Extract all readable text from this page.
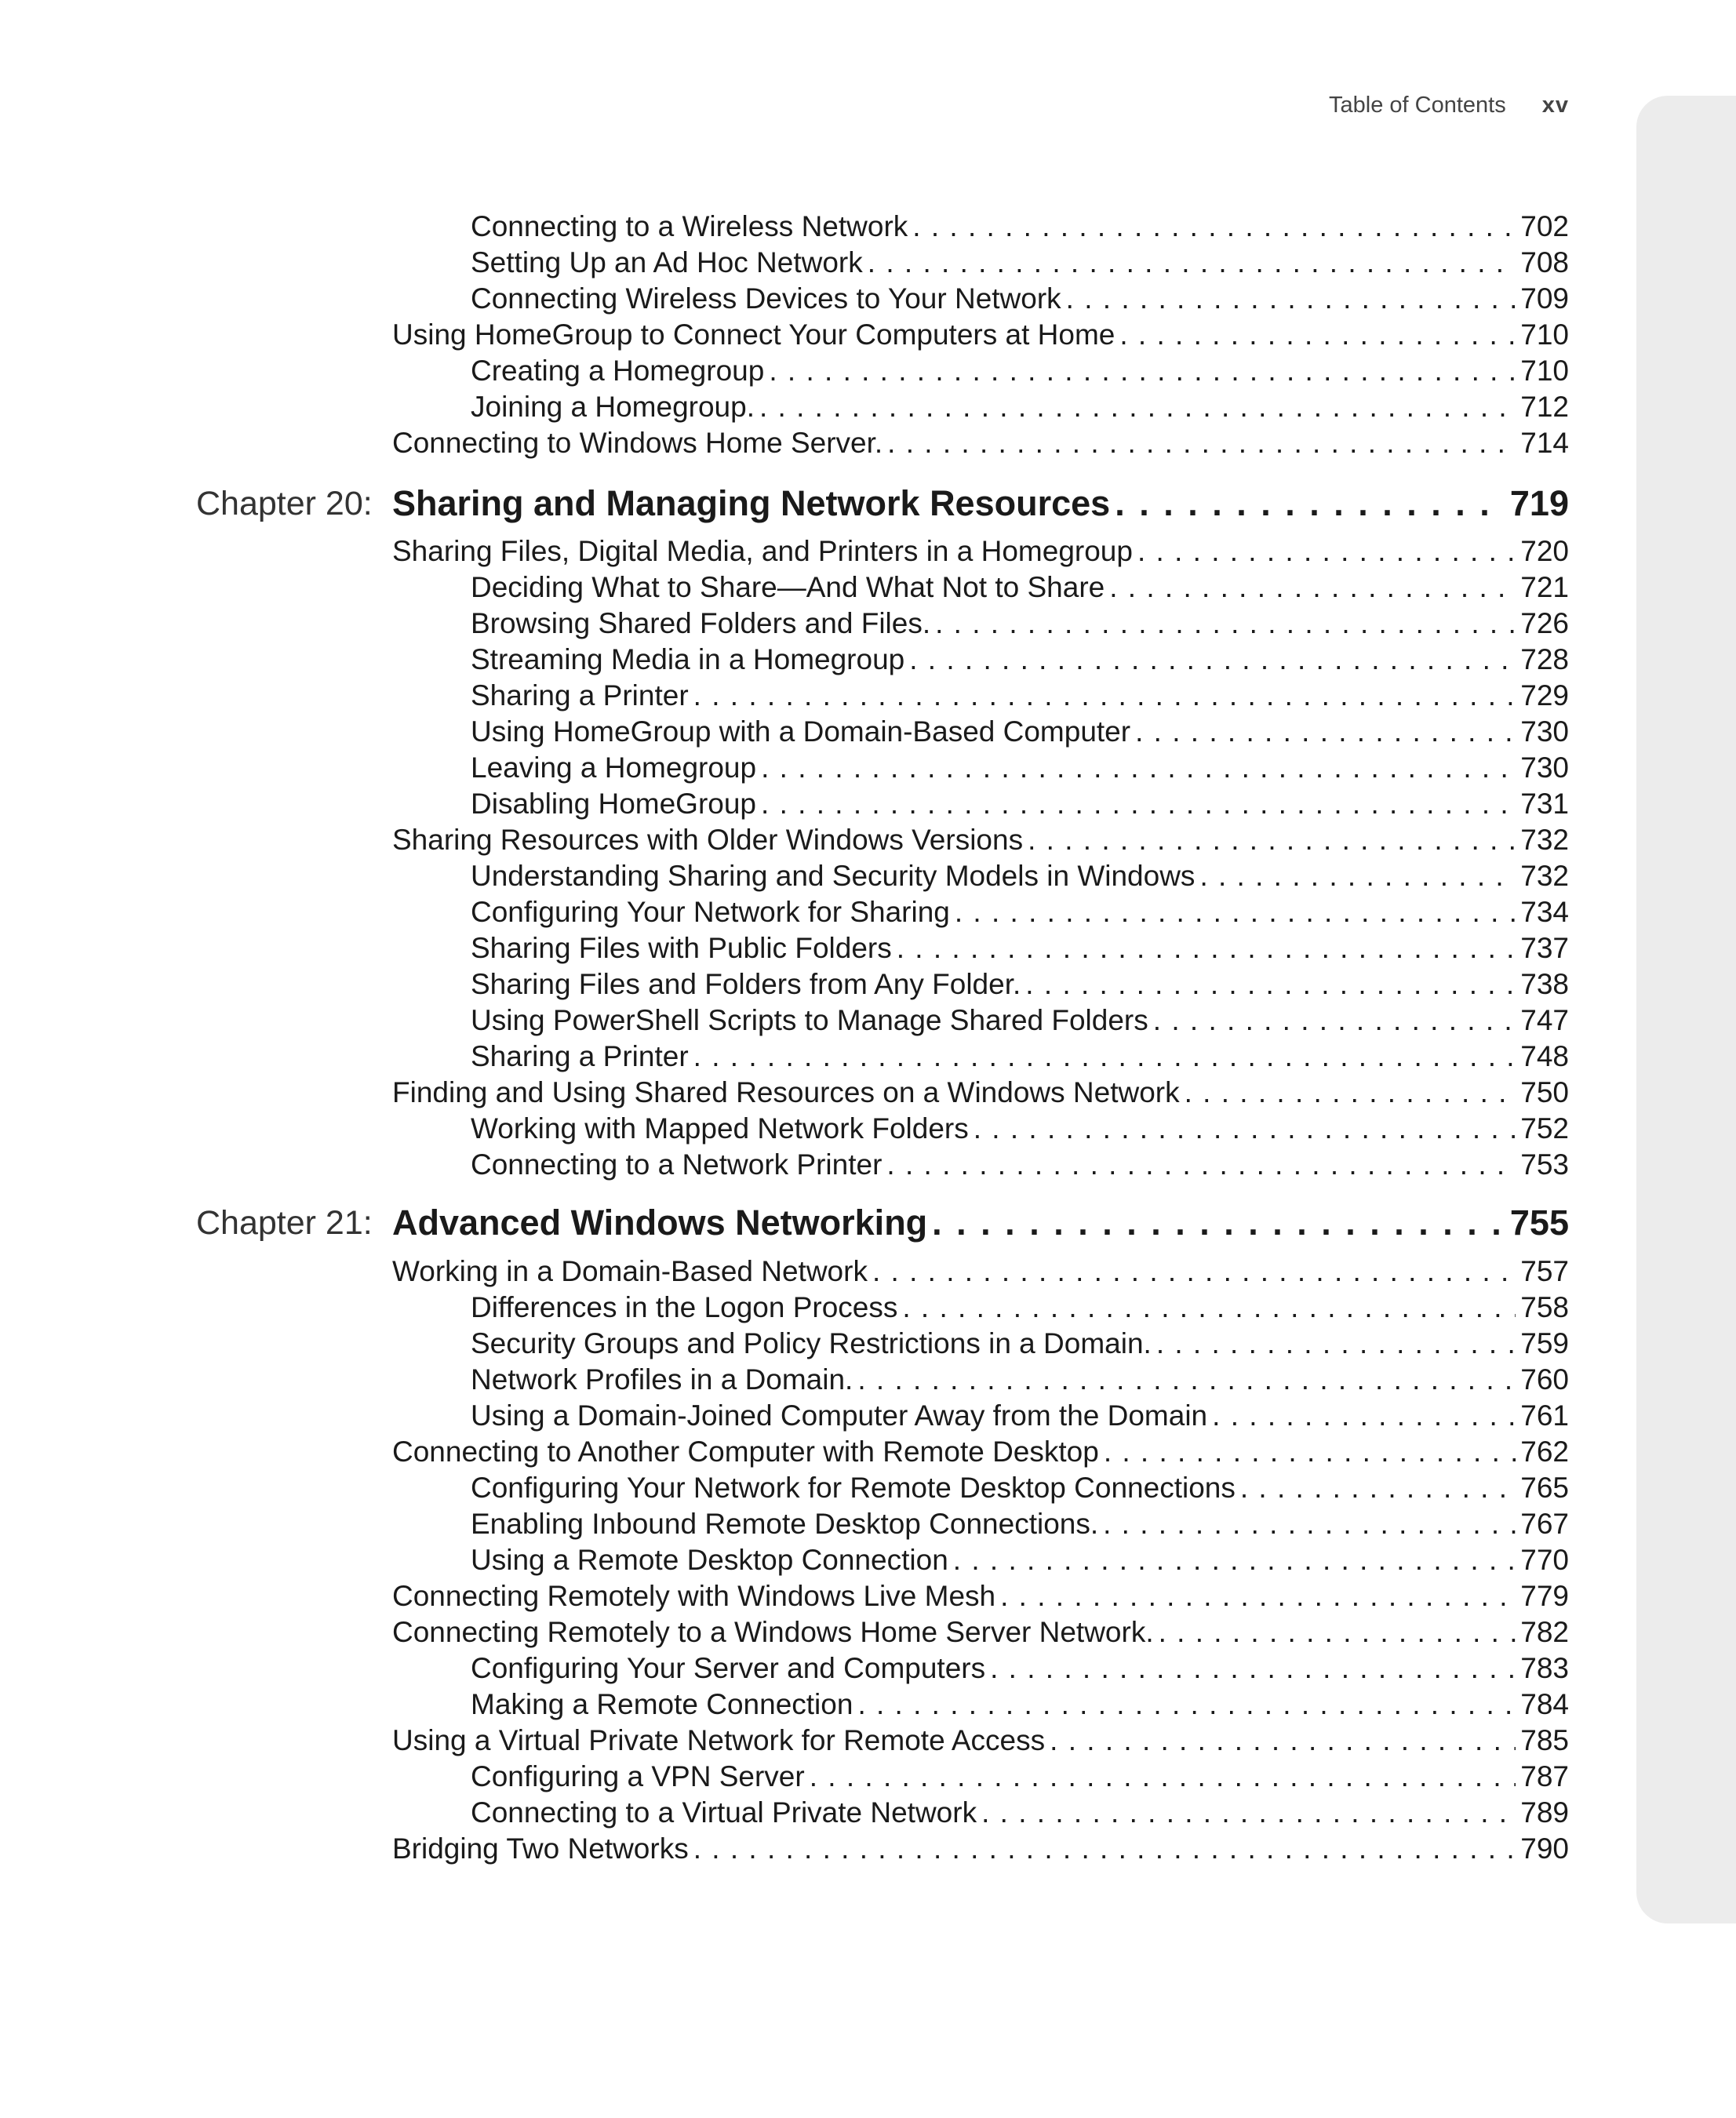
Table of Contents xv
Connecting to a Wireless Network . . .	702
Setting Up an Ad Hoc Network . . .	708
Connecting Wireless Devices to Your Network . . .	709
Using HomeGroup to Connect Your Computers at Home . . .	710
Creating a Homegroup . . .	710
Joining a Homegroup. . . .	712
Connecting to Windows Home Server. . . .	714
Chapter 20: Sharing and Managing Network Resources . . .	719
Sharing Files, Digital Media, and Printers in a Homegroup . . .	720
Deciding What to Share—And What Not to Share . . .	721
Browsing Shared Folders and Files. . . .	726
Streaming Media in a Homegroup . . .	728
Sharing a Printer . . .	729
Using HomeGroup with a Domain-Based Computer . . .	730
Leaving a Homegroup . . .	730
Disabling HomeGroup . . .	731
Sharing Resources with Older Windows Versions . . .	732
Understanding Sharing and Security Models in Windows . . .	732
Configuring Your Network for Sharing . . .	734
Sharing Files with Public Folders . . .	737
Sharing Files and Folders from Any Folder. . . .	738
Using PowerShell Scripts to Manage Shared Folders . . .	747
Sharing a Printer . . .	748
Finding and Using Shared Resources on a Windows Network . . .	750
Working with Mapped Network Folders . . .	752
Connecting to a Network Printer . . .	753
Chapter 21: Advanced Windows Networking . . .	755
Working in a Domain-Based Network . . .	757
Differences in the Logon Process . . .	758
Security Groups and Policy Restrictions in a Domain. . . .	759
Network Profiles in a Domain. . . .	760
Using a Domain-Joined Computer Away from the Domain . . .	761
Connecting to Another Computer with Remote Desktop . . .	762
Configuring Your Network for Remote Desktop Connections . . .	765
Enabling Inbound Remote Desktop Connections. . . .	767
Using a Remote Desktop Connection . . .	770
Connecting Remotely with Windows Live Mesh . . .	779
Connecting Remotely to a Windows Home Server Network. . . .	782
Configuring Your Server and Computers . . .	783
Making a Remote Connection . . .	784
Using a Virtual Private Network for Remote Access . . .	785
Configuring a VPN Server . . .	787
Connecting to a Virtual Private Network . . .	789
Bridging Two Networks . . .	790
